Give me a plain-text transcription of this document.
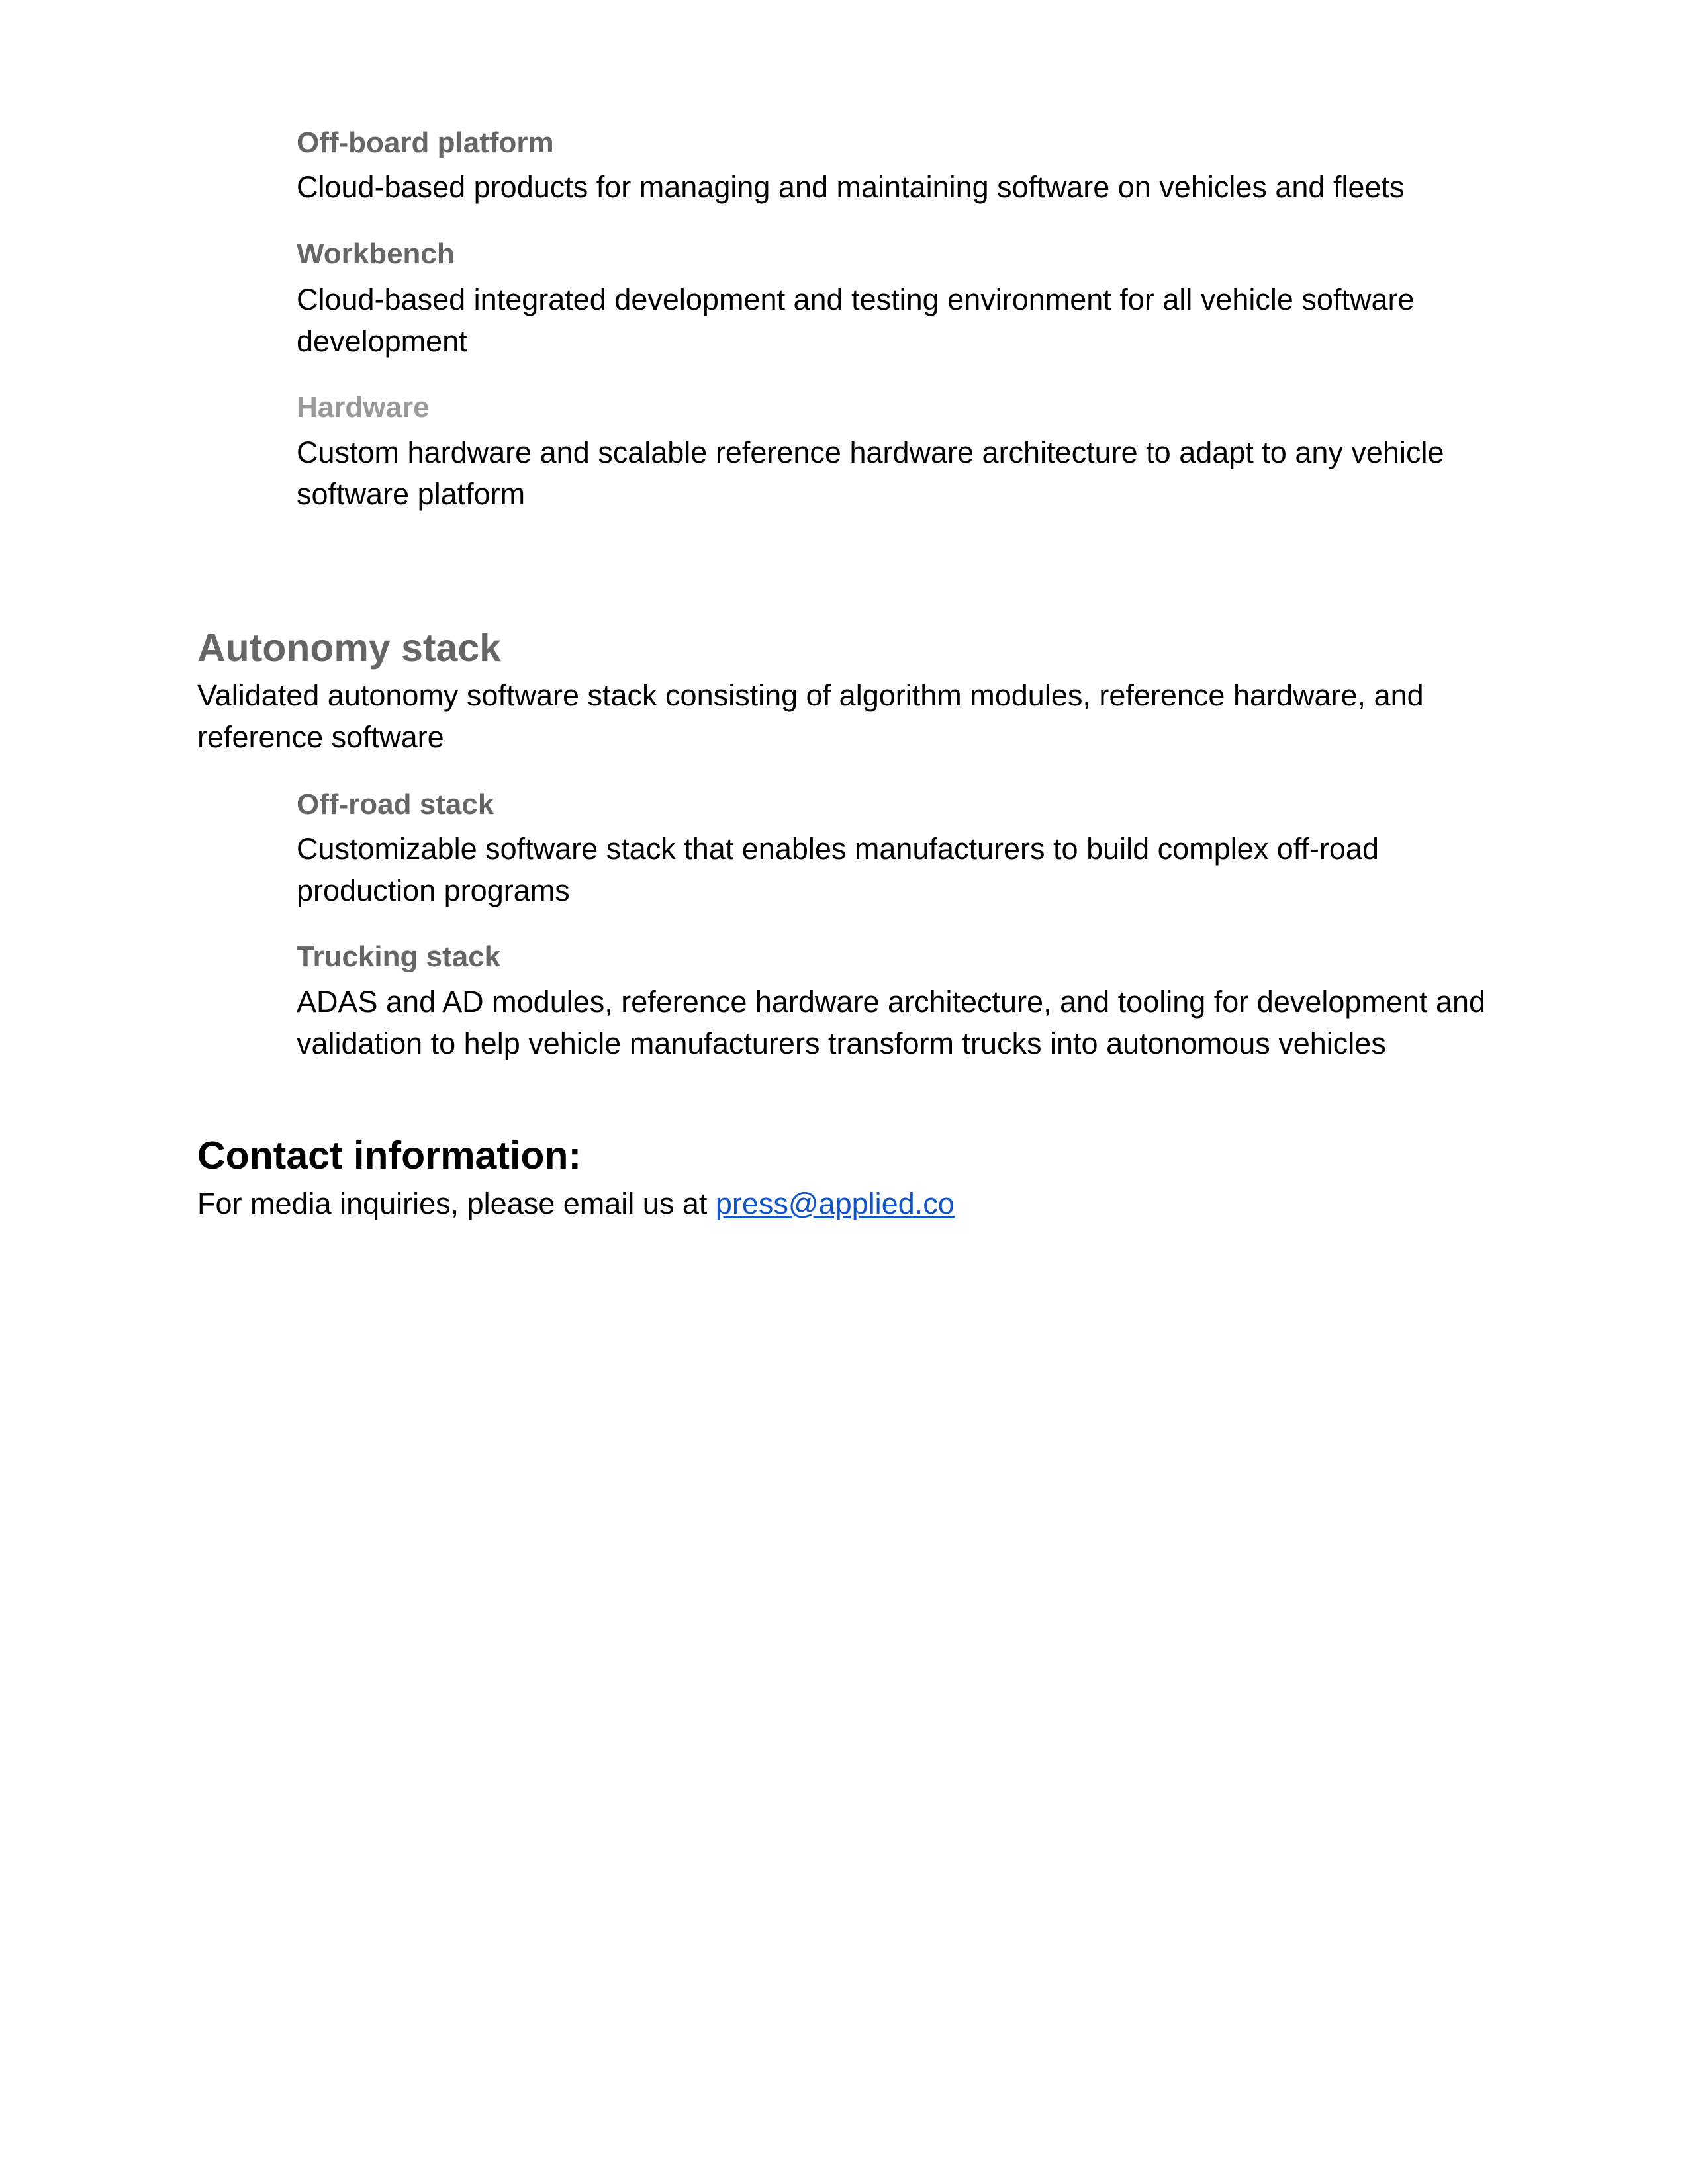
Off-board platform

Cloud-based products for managing and maintaining software on vehicles and fleets

Workbench

Cloud-based integrated development and testing environment for all vehicle software development

Hardware

Custom hardware and scalable reference hardware architecture to adapt to any vehicle software platform

Autonomy stack

Validated autonomy software stack consisting of algorithm modules, reference hardware, and reference software

Off-road stack

Customizable software stack that enables manufacturers to build complex off-road production programs

Trucking stack

ADAS and AD modules, reference hardware architecture, and tooling for development and validation to help vehicle manufacturers transform trucks into autonomous vehicles

Contact information:

For media inquiries, please email us at press@applied.co
